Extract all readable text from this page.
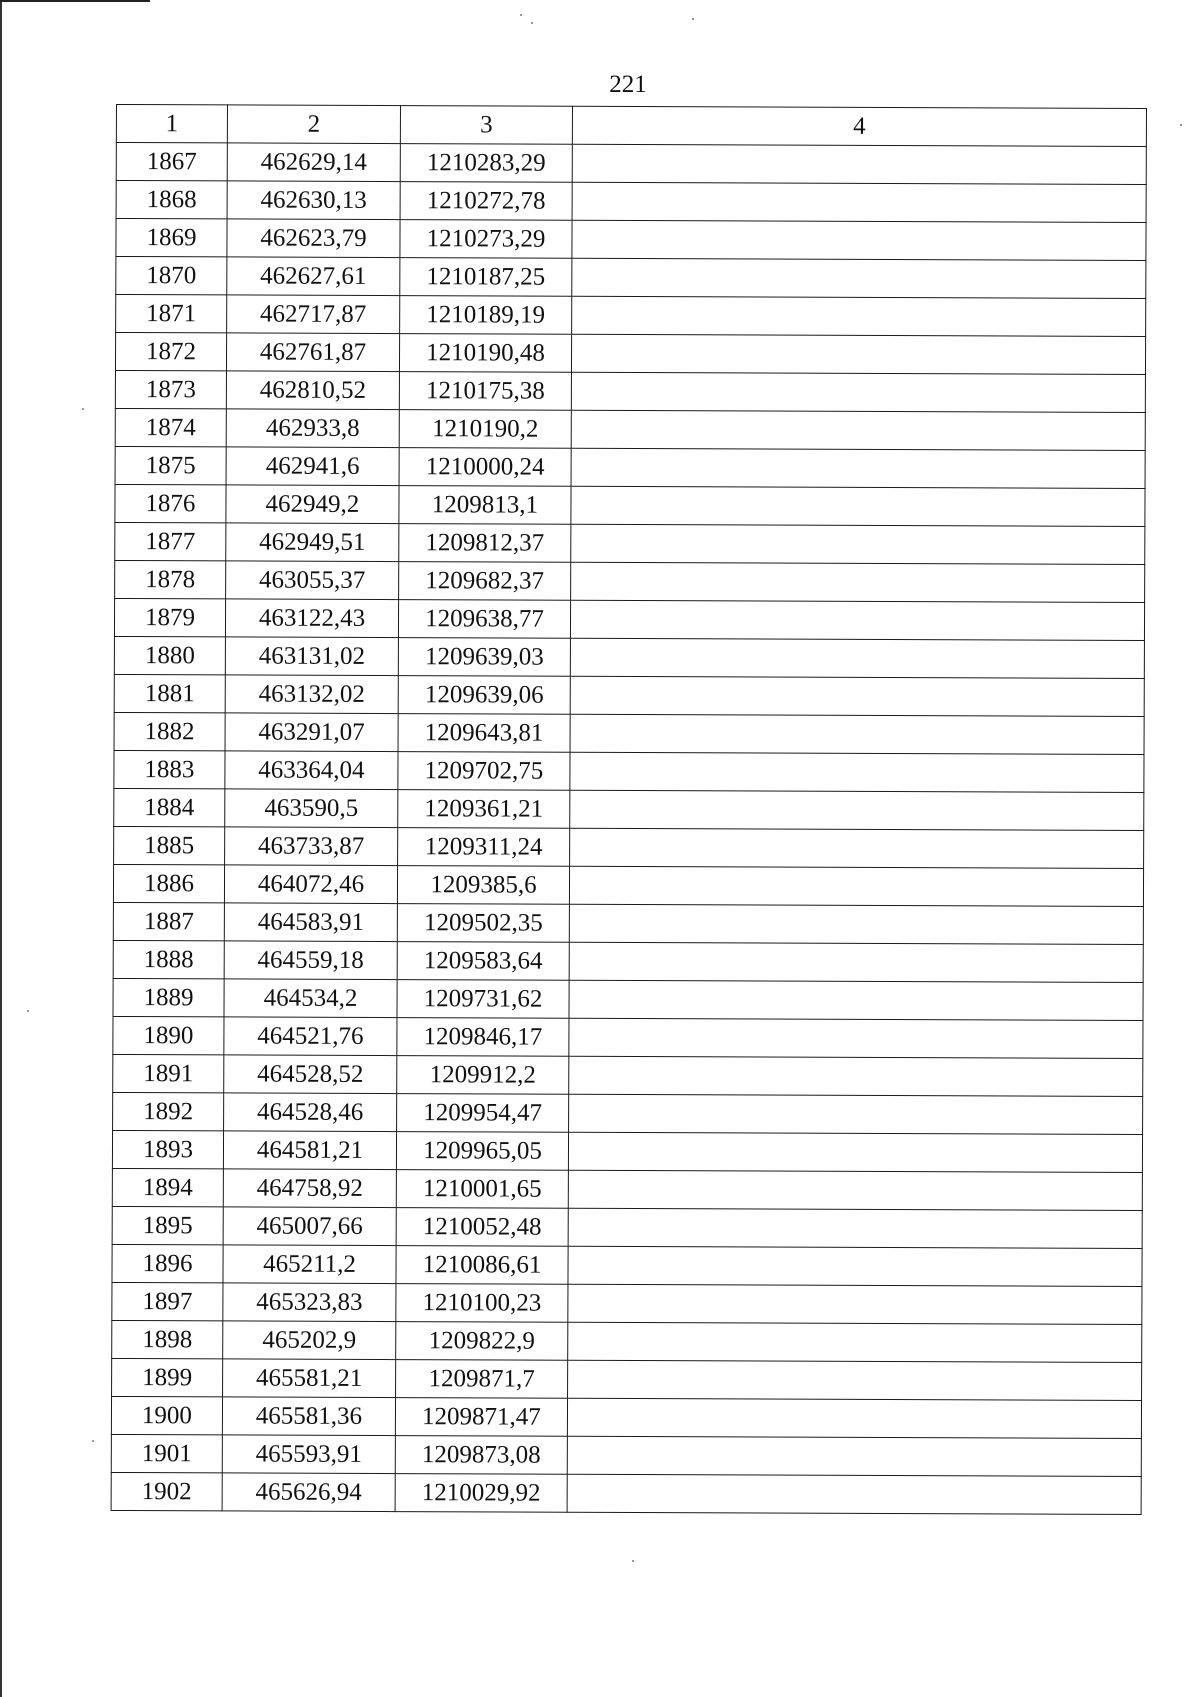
221
1	2	3	4
1867	462629,14	1210283,29	
1868	462630,13	1210272,78	
1869	462623,79	1210273,29	
1870	462627,61	1210187,25	
1871	462717,87	1210189,19	
1872	462761,87	1210190,48	
1873	462810,52	1210175,38	
1874	462933,8	1210190,2	
1875	462941,6	1210000,24	
1876	462949,2	1209813,1	
1877	462949,51	1209812,37	
1878	463055,37	1209682,37	
1879	463122,43	1209638,77	
1880	463131,02	1209639,03	
1881	463132,02	1209639,06	
1882	463291,07	1209643,81	
1883	463364,04	1209702,75	
1884	463590,5	1209361,21	
1885	463733,87	1209311,24	
1886	464072,46	1209385,6	
1887	464583,91	1209502,35	
1888	464559,18	1209583,64	
1889	464534,2	1209731,62	
1890	464521,76	1209846,17	
1891	464528,52	1209912,2	
1892	464528,46	1209954,47	
1893	464581,21	1209965,05	
1894	464758,92	1210001,65	
1895	465007,66	1210052,48	
1896	465211,2	1210086,61	
1897	465323,83	1210100,23	
1898	465202,9	1209822,9	
1899	465581,21	1209871,7	
1900	465581,36	1209871,47	
1901	465593,91	1209873,08	
1902	465626,94	1210029,92	
